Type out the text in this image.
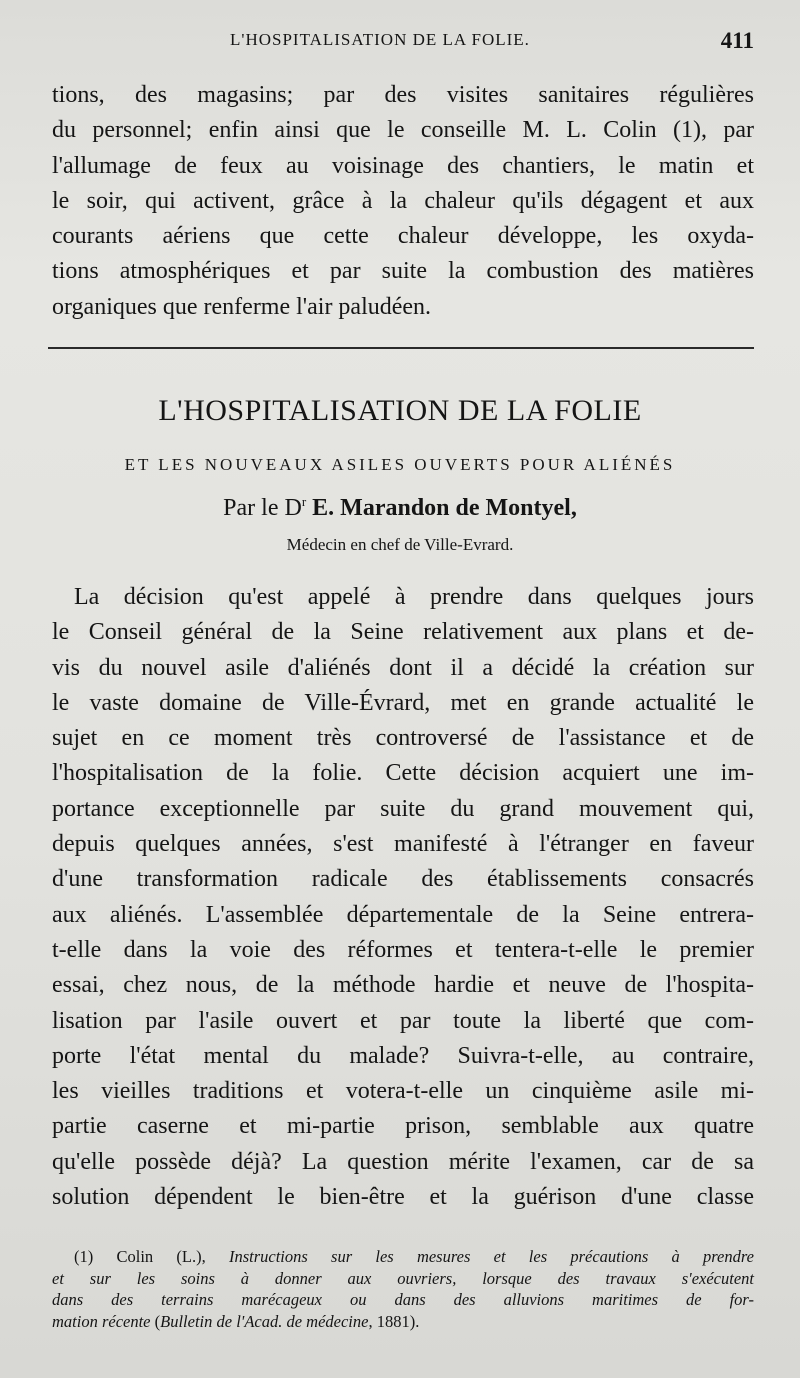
L'HOSPITALISATION DE LA FOLIE.	411
tions, des magasins; par des visites sanitaires régulières
du personnel; enfin ainsi que le conseille M. L. Colin (1), par
l'allumage de feux au voisinage des chantiers, le matin et
le soir, qui activent, grâce à la chaleur qu'ils dégagent et aux
courants aériens que cette chaleur développe, les oxyda-
tions atmosphériques et par suite la combustion des matières
organiques que renferme l'air paludéen.
L'HOSPITALISATION DE LA FOLIE
ET LES NOUVEAUX ASILES OUVERTS POUR ALIÉNÉS
Par le $D^r$ E. Marandon de Montyel,
Médecin en chef de Ville-Evrard.
La décision qu'est appelé à prendre dans quelques jours
le Conseil général de la Seine relativement aux plans et de-
vis du nouvel asile d'aliénés dont il a décidé la création sur
le vaste domaine de Ville-Évrard, met en grande actualité le
sujet en ce moment très controversé de l'assistance et de
l'hospitalisation de la folie. Cette décision acquiert une im-
portance exceptionnelle par suite du grand mouvement qui,
depuis quelques années, s'est manifesté à l'étranger en faveur
d'une transformation radicale des établissements consacrés
aux aliénés. L'assemblée départementale de la Seine entrera-
t-elle dans la voie des réformes et tentera-t-elle le premier
essai, chez nous, de la méthode hardie et neuve de l'hospita-
lisation par l'asile ouvert et par toute la liberté que com-
porte l'état mental du malade? Suivra-t-elle, au contraire,
les vieilles traditions et votera-t-elle un cinquième asile mi-
partie caserne et mi-partie prison, semblable aux quatre
qu'elle possède déjà? La question mérite l'examen, car de sa
solution dépendent le bien-être et la guérison d'une classe
(1) Colin (L.), Instructions sur les mesures et les précautions à prendre
et sur les soins à donner aux ouvriers, lorsque des travaux s'exécutent
dans des terrains marécageux ou dans des alluvions maritimes de for-
mation récente (Bulletin de l'Acad. de médecine, 1881).
